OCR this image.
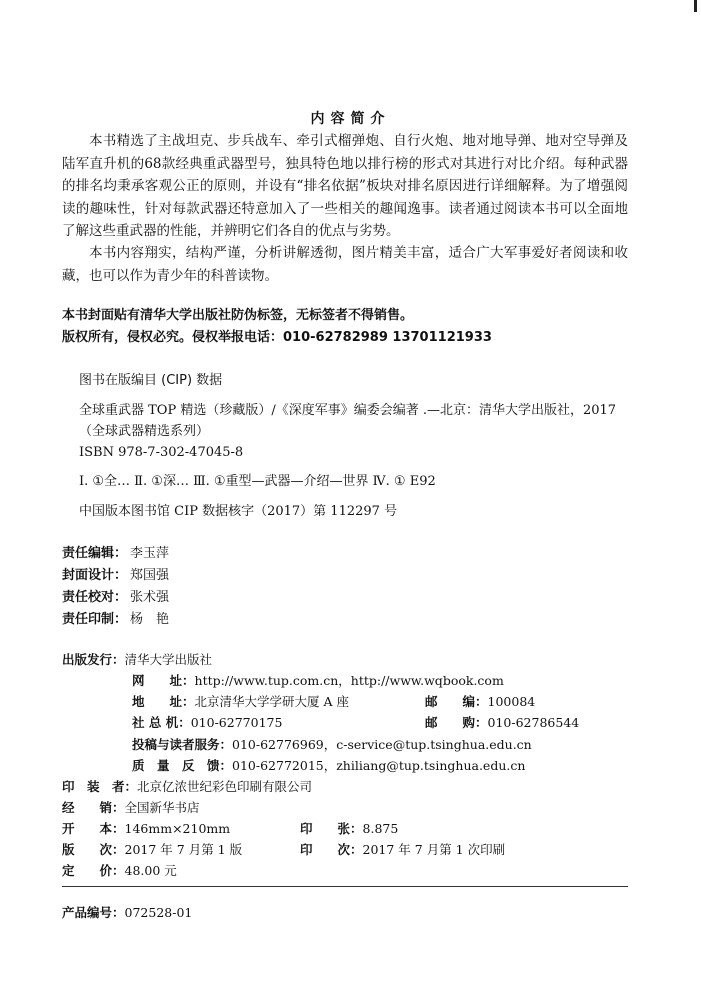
内容简介

本书精选了主战坦克、步兵战车、牵引式榴弹炮、自行火炮、地对地导弹、地对空导弹及陆军直升机的68款经典重武器型号，独具特色地以排行榜的形式对其进行对比介绍。每种武器的排名均秉承客观公正的原则，并设有“排名依据”板块对排名原因进行详细解释。为了增强阅读的趣味性，针对每款武器还特意加入了一些相关的趣闻逸事。读者通过阅读本书可以全面地了解这些重武器的性能，并辨明它们各自的优点与劣势。

本书内容翔实，结构严谨，分析讲解透彻，图片精美丰富，适合广大军事爱好者阅读和收藏，也可以作为青少年的科普读物。

本书封面贴有清华大学出版社防伪标签，无标签者不得销售。
版权所有，侵权必究。侵权举报电话：010-62782989 13701121933
图书在版编目 (CIP) 数据
全球重武器 TOP 精选（珍藏版）/《深度军事》编委会编著 .—北京：清华大学出版社，2017
（全球武器精选系列）
ISBN 978-7-302-47045-8
Ⅰ. ①全… Ⅱ. ①深… Ⅲ. ①重型—武器—介绍—世界 Ⅳ. ① E92
中国版本图书馆 CIP 数据核字（2017）第 112297 号
责任编辑： 李玉萍
封面设计： 郑国强
责任校对： 张术强
责任印制： 杨　艳
出版发行：清华大学出版社
网　　址：http://www.tup.com.cn，http://www.wqbook.com
地　　址：北京清华大学学研大厦 A 座	邮　　编：100084
社 总 机：010-62770175	邮　　购：010-62786544
投稿与读者服务：010-62776969，c-service@tup.tsinghua.edu.cn
质　量　反　馈：010-62772015，zhiliang@tup.tsinghua.edu.cn
印　装　者：北京亿浓世纪彩色印刷有限公司
经　　销：全国新华书店
开　　本：146mm×210mm	印　　张：8.875
版　　次：2017 年 7 月第 1 版	印　　次：2017 年 7 月第 1 次印刷
定　　价：48.00 元
产品编号：072528-01
